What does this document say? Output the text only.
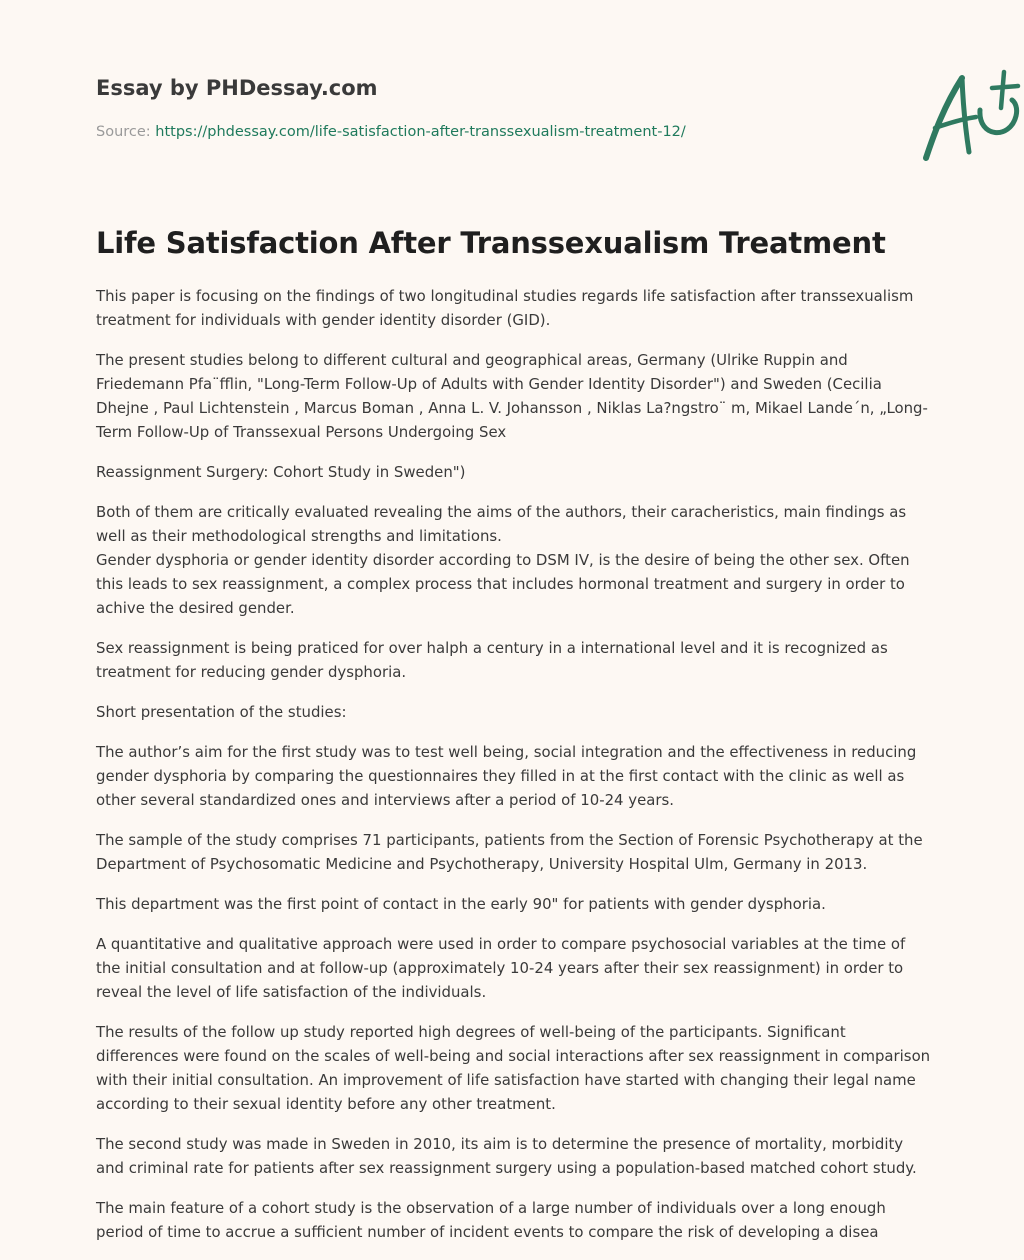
Essay by PHDessay.com
Source: https://phdessay.com/life-satisfaction-after-transsexualism-treatment-12/
Life Satisfaction After Transsexualism Treatment

This paper is focusing on the findings of two longitudinal studies regards life satisfaction after transsexualism treatment for individuals with gender identity disorder (GID).

The present studies belong to different cultural and geographical areas, Germany (Ulrike Ruppin and Friedemann Pfa¨fflin, "Long-Term Follow-Up of Adults with Gender Identity Disorder") and Sweden (Cecilia Dhejne , Paul Lichtenstein , Marcus Boman , Anna L. V. Johansson , Niklas La?ngstro¨ m, Mikael Lande´n, „Long-Term Follow-Up of Transsexual Persons Undergoing Sex

Reassignment Surgery: Cohort Study in Sweden")

Both of them are critically evaluated revealing the aims of the authors, their caracheristics, main findings as well as their methodological strengths and limitations.

Gender dysphoria or gender identity disorder according to DSM IV, is the desire of being the other sex. Often this leads to sex reassignment, a complex process that includes hormonal treatment and surgery in order to achive the desired gender.

Sex reassignment is being praticed for over halph a century in a international level and it is recognized as treatment for reducing gender dysphoria.

Short presentation of the studies:

The author’s aim for the first study was to test well being, social integration and the effectiveness in reducing gender dysphoria by comparing the questionnaires they filled in at the first contact with the clinic as well as other several standardized ones and interviews after a period of 10-24 years.

The sample of the study comprises 71 participants, patients from the Section of Forensic Psychotherapy at the Department of Psychosomatic Medicine and Psychotherapy, University Hospital Ulm, Germany in 2013.

This department was the first point of contact in the early 90" for patients with gender dysphoria.

A quantitative and qualitative approach were used in order to compare psychosocial variables at the time of the initial consultation and at follow-up (approximately 10-24 years after their sex reassignment) in order to reveal the level of life satisfaction of the individuals.

The results of the follow up study reported high degrees of well-being of the participants. Significant differences were found on the scales of well-being and social interactions after sex reassignment in comparison with their initial consultation. An improvement of life satisfaction have started with changing their legal name according to their sexual identity before any other treatment.

The second study was made in Sweden in 2010, its aim is to determine the presence of mortality, morbidity and criminal rate for patients after sex reassignment surgery using a population-based matched cohort study.

The main feature of a cohort study is the observation of a large number of individuals over a long enough period of time to accrue a sufficient number of incident events to compare the risk of developing a disea
